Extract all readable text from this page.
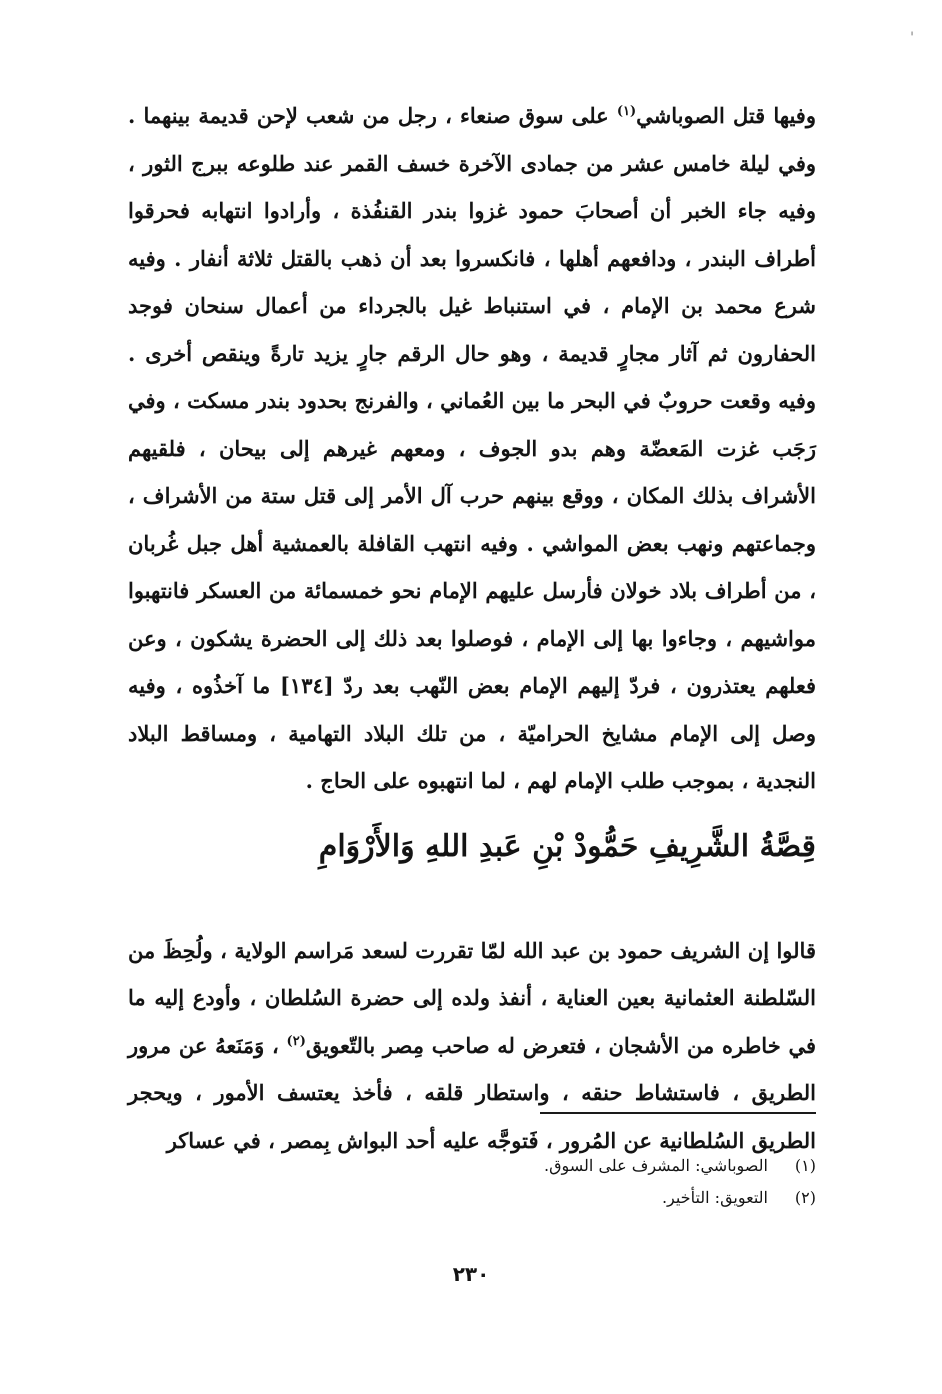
'

وفيها قتل الصوباشي$^{(١)}$ على سوق صنعاء ، رجل من شعب لإحن قديمة بينهما . وفي ليلة خامس عشر من جمادى الآخرة خسف القمر عند طلوعه ببرج الثور ، وفيه جاء الخبر أن أصحابَ حمود غزوا بندر القنفُذة ، وأرادوا انتهابه فحرقوا أطراف البندر ، ودافعهم أهلها ، فانكسروا بعد أن ذهب بالقتل ثلاثة أنفار . وفيه شرع محمد بن الإمام ، في استنباط غيل بالجرداء من أعمال سنحان فوجد الحفارون ثم آثار مجارٍ قديمة ، وهو حال الرقم جارٍ يزيد تارةً وينقص أخرى . وفيه وقعت حروبٌ في البحر ما بين العُماني ، والفرنج بحدود بندر مسكت ، وفي رَجَب غزت المَعضّة وهم بدو الجوف ، ومعهم غيرهم إلى بيحان ، فلقيهم الأشراف بذلك المكان ، ووقع بينهم حرب آل الأمر إلى قتل ستة من الأشراف ، وجماعتهم ونهب بعض المواشي . وفيه انتهب القافلة بالعمشية أهل جبل غُربان ، من أطراف بلاد خولان فأرسل عليهم الإمام نحو خمسمائة من العسكر فانتهبوا مواشيهم ، وجاءوا بها إلى الإمام ، فوصلوا بعد ذلك إلى الحضرة يشكون ، وعن فعلهم يعتذرون ، فردّ إليهم الإمام بعض النّهب بعد ردّ [١٣٤] ما آخذُوه ، وفيه وصل إلى الإمام مشايخ الحراميّة ، من تلك البلاد التهامية ، ومساقط البلاد النجدية ، بموجب طلب الإمام لهم ، لما انتهبوه على الحاج .

قِصَّةُ الشَّرِيفِ حَمُّودْ بْنِ عَبدِ اللهِ وَالأَرْوَامِ

قالوا إن الشريف حمود بن عبد الله لمّا تقررت لسعد مَراسم الولاية ، ولُحِظَ من السّلطنة العثمانية بعين العناية ، أنفذ ولده إلى حضرة السُلطان ، وأودع إليه ما في خاطره من الأشجان ، فتعرض له صاحب مِصر بالتّعويق$^{(٢)}$ ، وَمَنَعهُ عن مرور الطريق ، فاستشاط حنقه ، واستطار قلقه ، فأخذ يعتسف الأمور ، ويحجر الطريق السُلطانية عن المُرور ، فَتوجَّه عليه أحد البواش بِمصر ، في عساكر

(١)
الصوباشي: المشرف على السوق.
(٢)
التعويق: التأخير.
٢٣٠
